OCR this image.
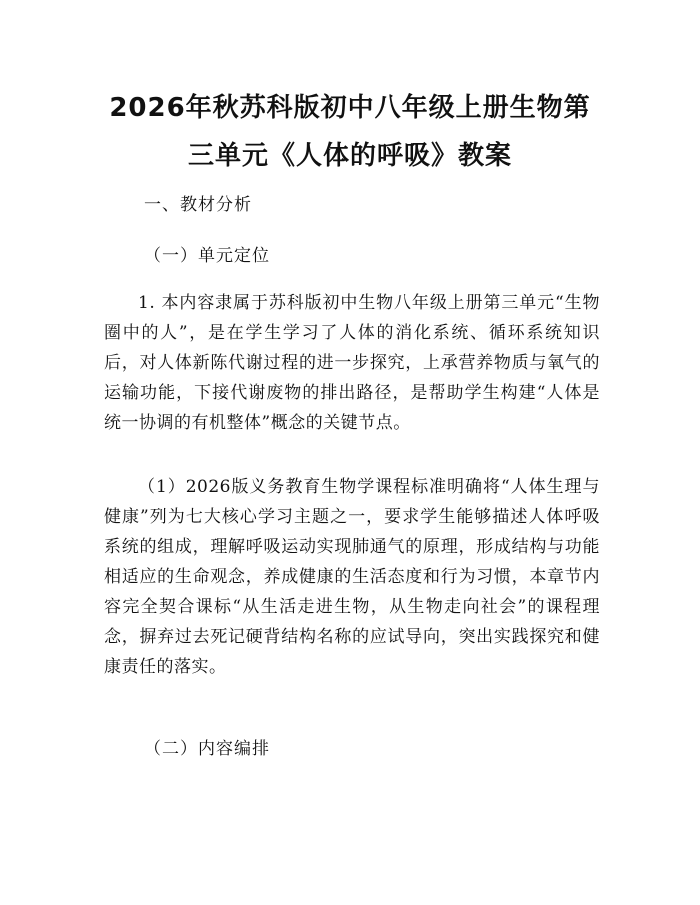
2026年秋苏科版初中八年级上册生物第三单元《人体的呼吸》教案
一、教材分析
（一）单元定位

1. 本内容隶属于苏科版初中生物八年级上册第三单元“生物圈中的人”，是在学生学习了人体的消化系统、循环系统知识后，对人体新陈代谢过程的进一步探究，上承营养物质与氧气的运输功能，下接代谢废物的排出路径，是帮助学生构建“人体是统一协调的有机整体”概念的关键节点。

（1）2026版义务教育生物学课程标准明确将“人体生理与健康”列为七大核心学习主题之一，要求学生能够描述人体呼吸系统的组成，理解呼吸运动实现肺通气的原理，形成结构与功能相适应的生命观念，养成健康的生活态度和行为习惯，本章节内容完全契合课标“从生活走进生物，从生物走向社会”的课程理念，摒弃过去死记硬背结构名称的应试导向，突出实践探究和健康责任的落实。

（二）内容编排
